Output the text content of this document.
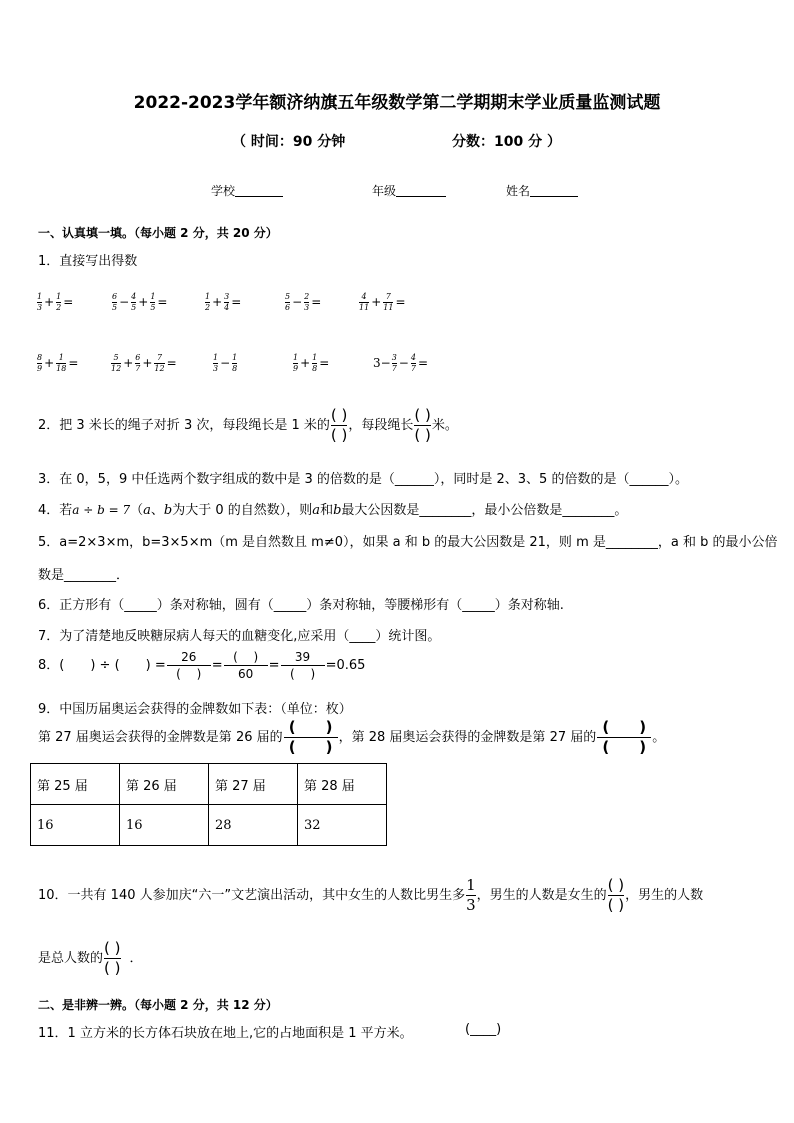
2022-2023学年额济纳旗五年级数学第二学期期末学业质量监测试题
（ 时间：90 分钟	分数：100 分 ）
学校	年级	姓名
一、认真填一填。（每小题 2 分，共 20 分）
1．直接写出得数
$\frac{1}{3} + \frac{1}{2}$ =	$\frac{6}{5} - \frac{4}{5} + \frac{1}{5}$ =	$\frac{1}{2} + \frac{3}{4}$ =	$\frac{5}{6} - \frac{2}{3}$ =	$\frac{4}{11} + \frac{7}{11}$ =
$\frac{8}{9} + \frac{1}{18}$ =	$\frac{5}{12} + \frac{6}{7} + \frac{7}{12}$ =	$\frac{1}{3} - \frac{1}{8}$	$\frac{1}{9} + \frac{1}{8}$ =	$3- \frac{3}{7} - \frac{4}{7}$ =
2．把 3 米长的绳子对折 3 次，每段绳长是 1 米的
( )
( )
，每段绳长
( )
( )
米。
3．在 0，5，9 中任选两个数字组成的数中是 3 的倍数的是（______），同时是 2、3、5 的倍数的是（______）。
4．若a ÷ b = 7（a、b为大于 0 的自然数），则a和b最大公因数是________，最小公倍数是________。
5．a=2×3×m，b=3×5×m（m 是自然数且 m≠0），如果 a 和 b 的最大公因数是 21，则 m 是________，a 和 b 的最小公倍
数是________．
6．正方形有（_____）条对称轴，圆有（_____）条对称轴，等腰梯形有（_____）条对称轴.
7．为了清楚地反映糖尿病人每天的血糖变化,应采用（____）统计图。
8．(　　) ÷ (　　) =
26
(　 )
=
(　 )
60
=
39
(　 )
=0.65
9．中国历届奥运会获得的金牌数如下表：（单位：枚）
第 27 届奥运会获得的金牌数是第 26 届的
(　　)
(　　)
，第 28 届奥运会获得的金牌数是第 27 届的
(　　)
(　　)
。
第 25 届	第 26 届	第 27 届	第 28 届
16	16	28	32
10．一共有 140 人参加庆“六一”文艺演出活动，其中女生的人数比男生多 $\frac{1}{3}$ ，男生的人数是女生的
( )
( )
，男生的人数
是总人数的
( )
( )
．
二、是非辨一辨。（每小题 2 分，共 12 分）
11．1 立方米的长方体石块放在地上,它的占地面积是 1 平方米。	(____)
